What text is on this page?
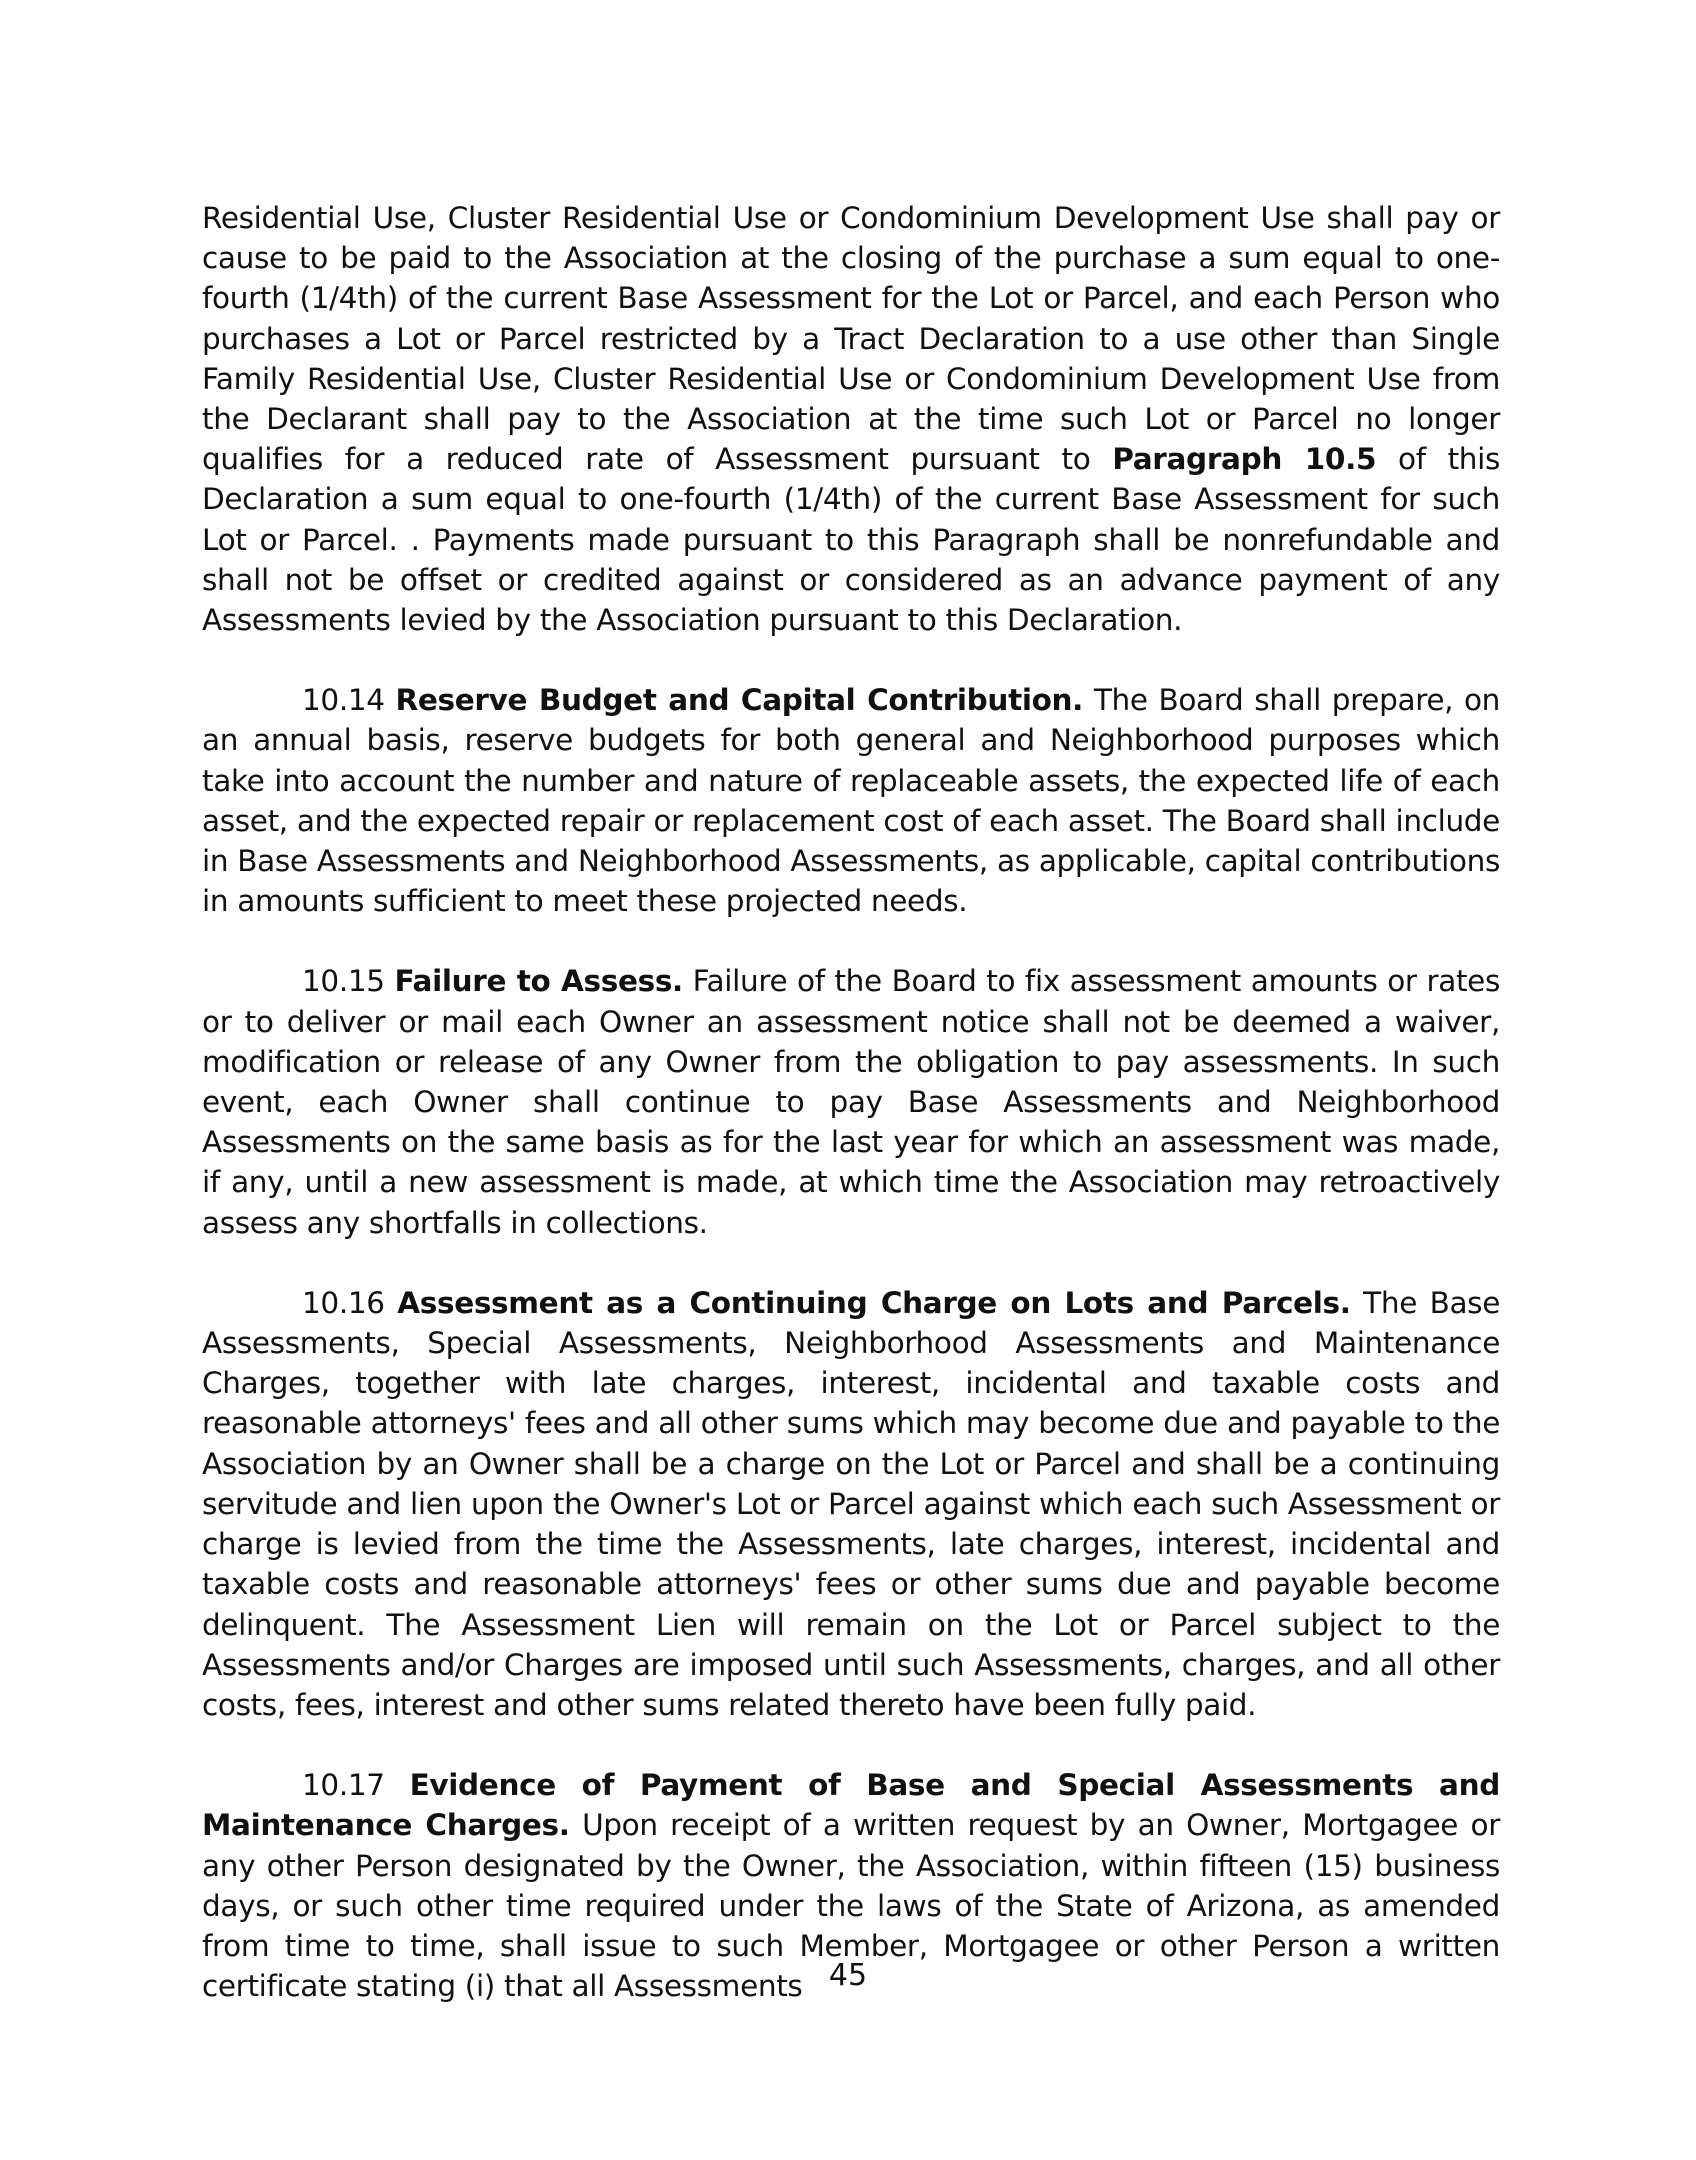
Residential Use, Cluster Residential Use or Condominium Development Use shall pay or cause to be paid to the Association at the closing of the purchase a sum equal to one-fourth (1/4th) of the current Base Assessment for the Lot or Parcel, and each Person who purchases a Lot or Parcel restricted by a Tract Declaration to a use other than Single Family Residential Use, Cluster Residential Use or Condominium Development Use from the Declarant shall pay to the Association at the time such Lot or Parcel no longer qualifies for a reduced rate of Assessment pursuant to Paragraph 10.5 of this Declaration a sum equal to one-fourth (1/4th) of the current Base Assessment for such Lot or Parcel. . Payments made pursuant to this Paragraph shall be nonrefundable and shall not be offset or credited against or considered as an advance payment of any Assessments levied by the Association pursuant to this Declaration.

10.14 Reserve Budget and Capital Contribution. The Board shall prepare, on an annual basis, reserve budgets for both general and Neighborhood purposes which take into account the number and nature of replaceable assets, the expected life of each asset, and the expected repair or replacement cost of each asset. The Board shall include in Base Assessments and Neighborhood Assessments, as applicable, capital contributions in amounts sufficient to meet these projected needs.

10.15 Failure to Assess. Failure of the Board to fix assessment amounts or rates or to deliver or mail each Owner an assessment notice shall not be deemed a waiver, modification or release of any Owner from the obligation to pay assessments. In such event, each Owner shall continue to pay Base Assessments and Neighborhood Assessments on the same basis as for the last year for which an assessment was made, if any, until a new assessment is made, at which time the Association may retroactively assess any shortfalls in collections.

10.16 Assessment as a Continuing Charge on Lots and Parcels. The Base Assessments, Special Assessments, Neighborhood Assessments and Maintenance Charges, together with late charges, interest, incidental and taxable costs and reasonable attorneys' fees and all other sums which may become due and payable to the Association by an Owner shall be a charge on the Lot or Parcel and shall be a continuing servitude and lien upon the Owner's Lot or Parcel against which each such Assessment or charge is levied from the time the Assessments, late charges, interest, incidental and taxable costs and reasonable attorneys' fees or other sums due and payable become delinquent. The Assessment Lien will remain on the Lot or Parcel subject to the Assessments and/or Charges are imposed until such Assessments, charges, and all other costs, fees, interest and other sums related thereto have been fully paid.

10.17 Evidence of Payment of Base and Special Assessments and Maintenance Charges. Upon receipt of a written request by an Owner, Mortgagee or any other Person designated by the Owner, the Association, within fifteen (15) business days, or such other time required under the laws of the State of Arizona, as amended from time to time, shall issue to such Member, Mortgagee or other Person a written certificate stating (i) that all Assessments 45
